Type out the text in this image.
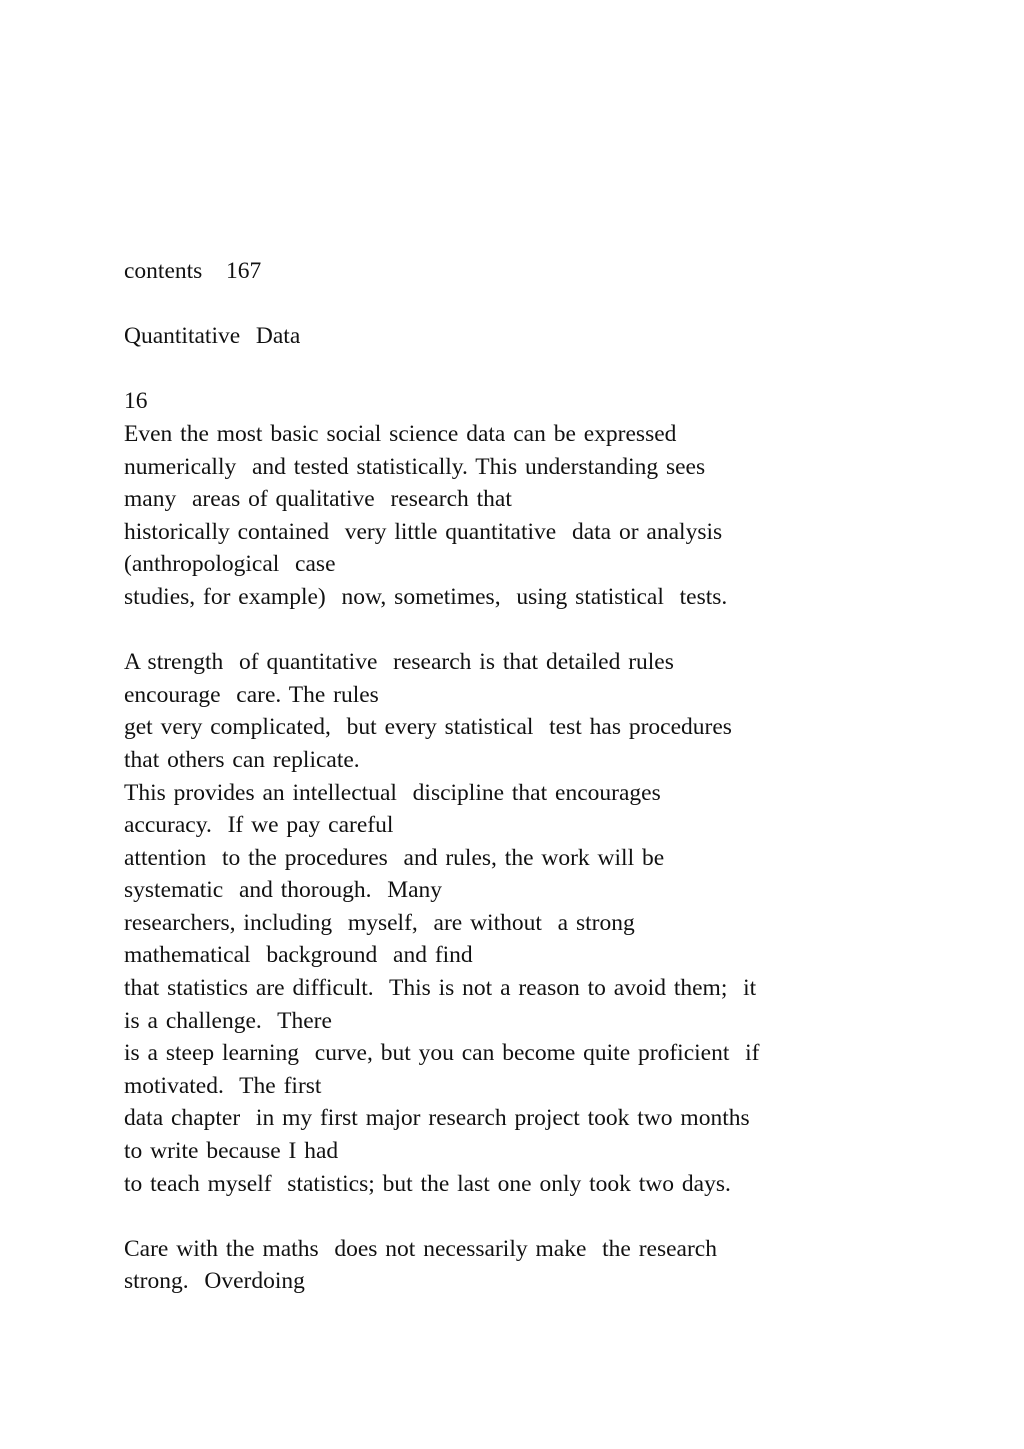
contents   167
Quantitative  Data
16
Even the most basic social science data can be expressed
numerically  and tested statistically. This understanding sees
many  areas of qualitative  research that
historically contained  very little quantitative  data or analysis
(anthropological  case
studies, for example)  now, sometimes,  using statistical  tests.
A strength  of quantitative  research is that detailed rules
encourage  care. The rules
get very complicated,  but every statistical  test has procedures
that others can replicate.
This provides an intellectual  discipline that encourages
accuracy.  If we pay careful
attention  to the procedures  and rules, the work will be
systematic  and thorough.  Many
researchers, including  myself,  are without  a strong
mathematical  background  and find
that statistics are difficult.  This is not a reason to avoid them;  it
is a challenge.  There
is a steep learning  curve, but you can become quite proficient  if
motivated.  The first
data chapter  in my first major research project took two months
to write because I had
to teach myself  statistics; but the last one only took two days.
Care with the maths  does not necessarily make  the research
strong.  Overdoing
